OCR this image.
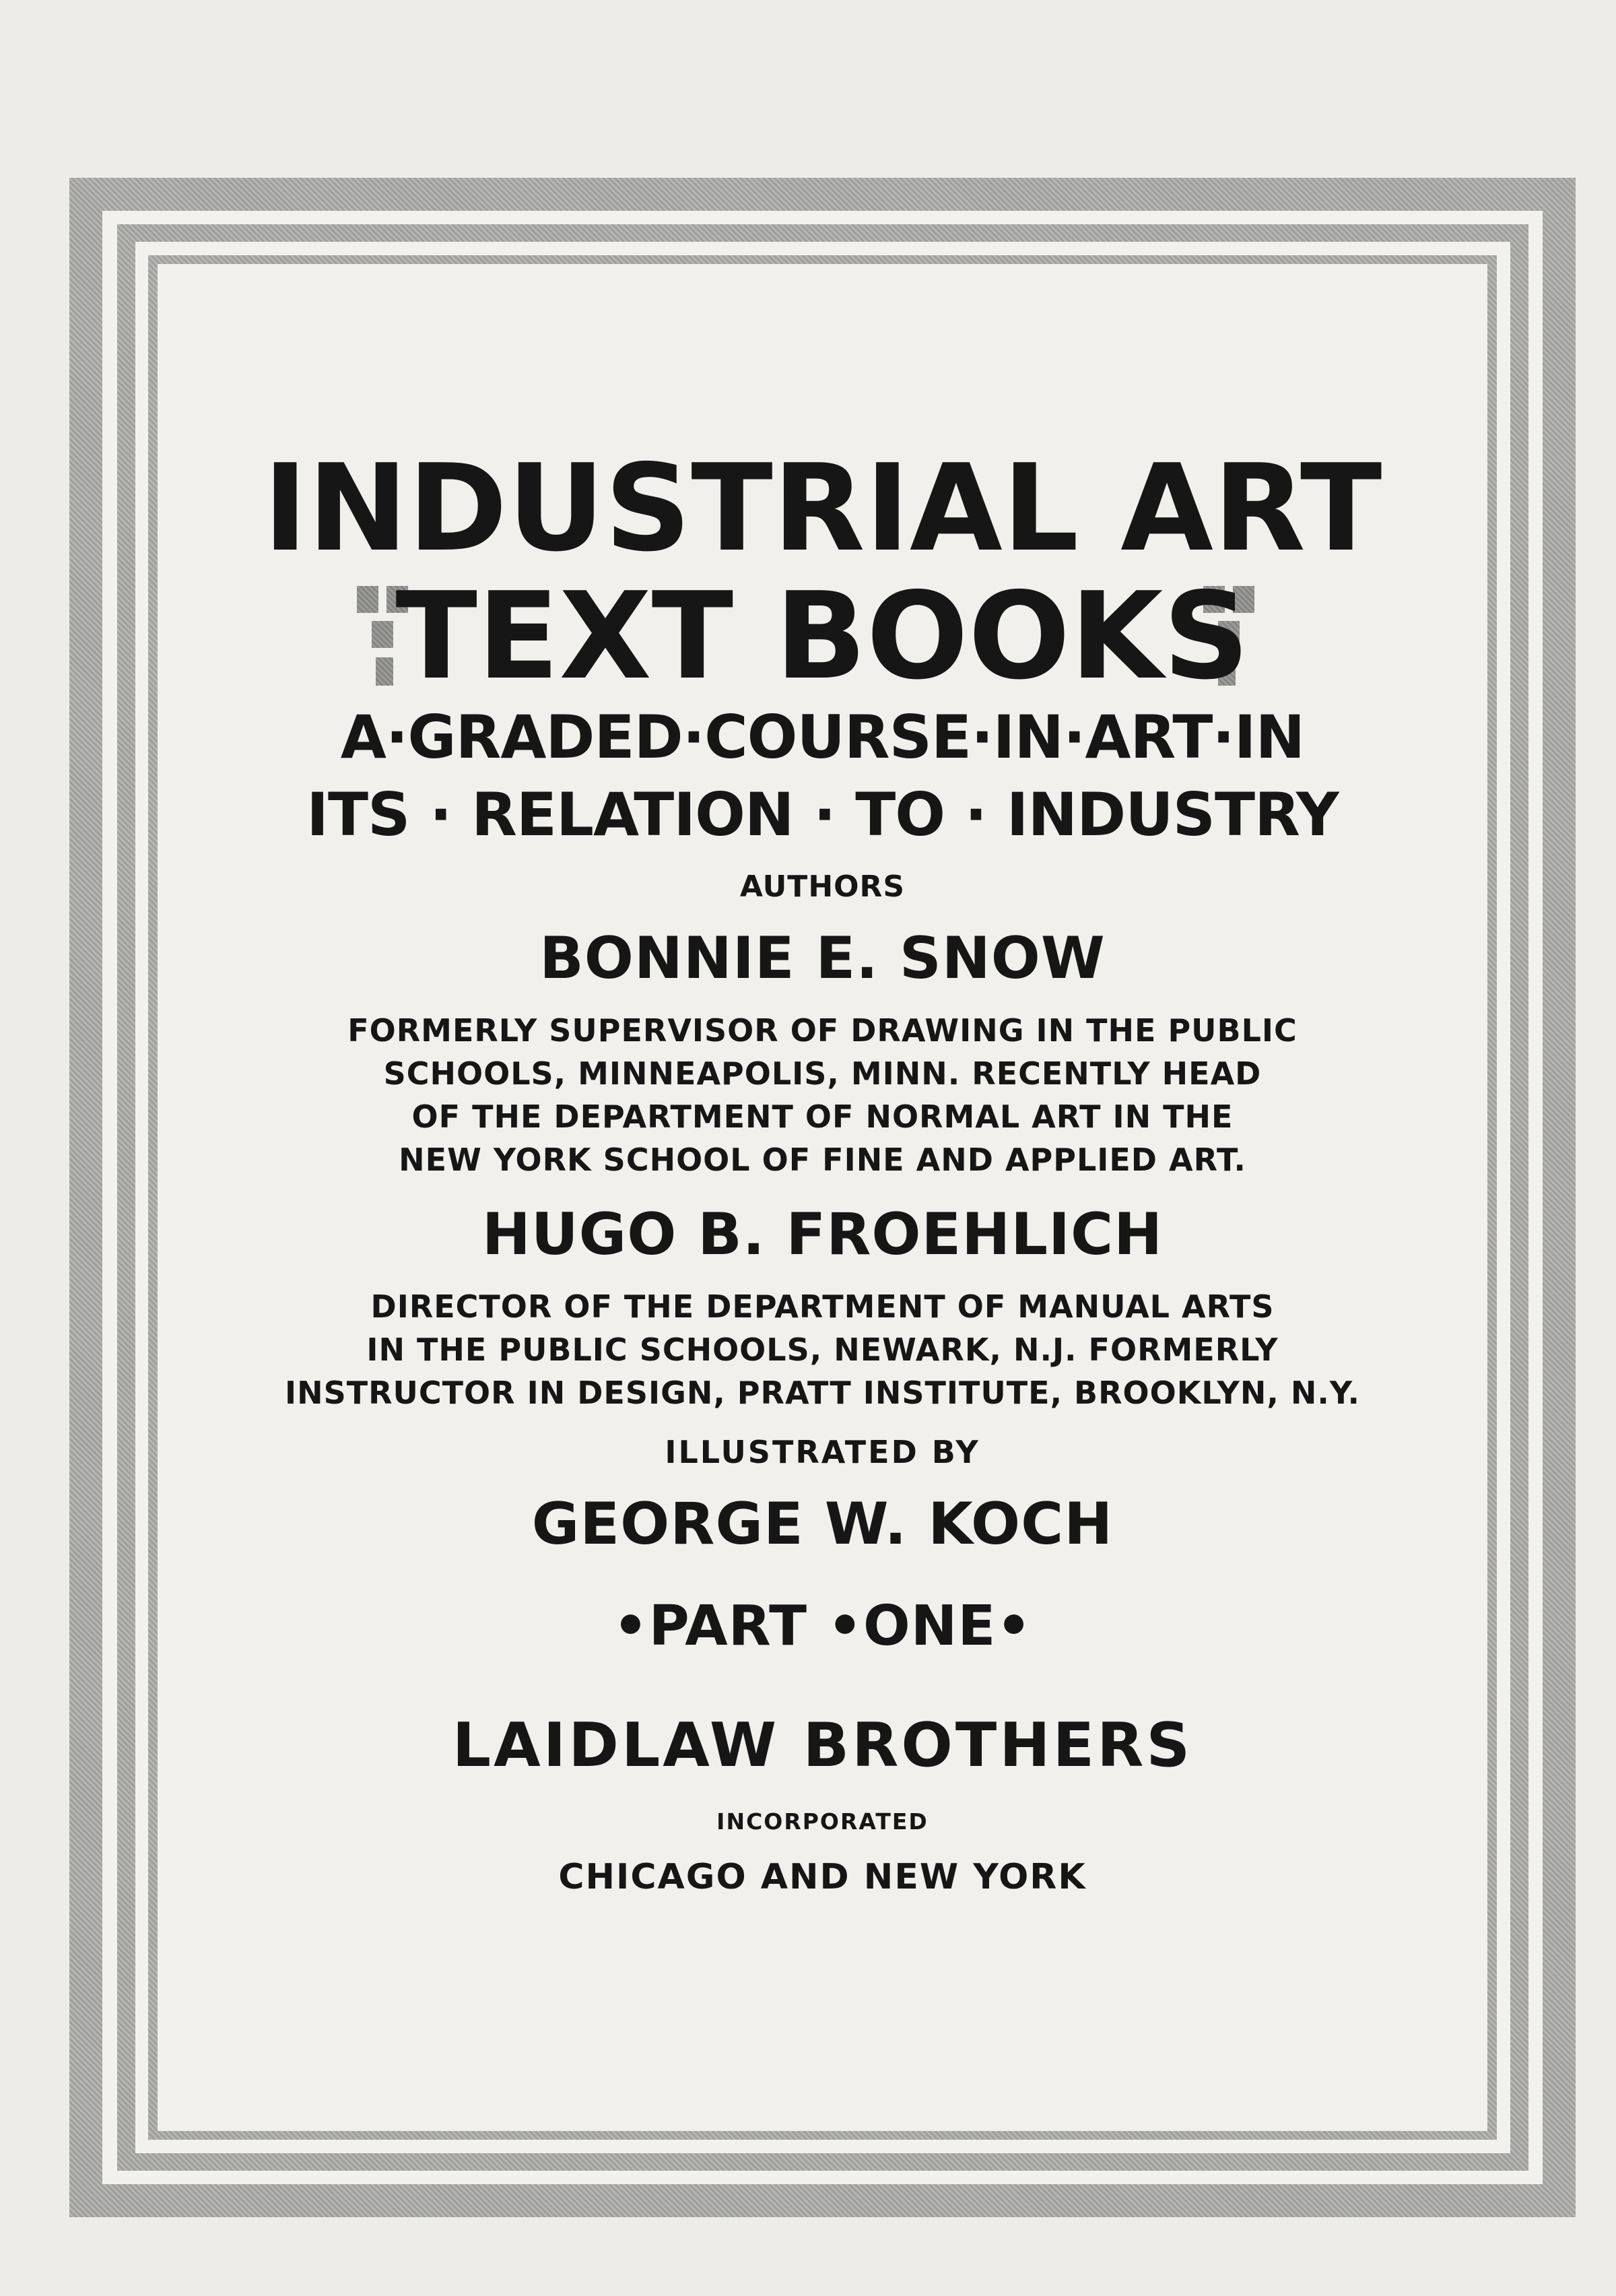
INDUSTRIAL ART
TEXT BOOKS
A·GRADED·COURSE·IN·ART·IN
ITS · RELATION · TO · INDUSTRY
AUTHORS
BONNIE E. SNOW
FORMERLY SUPERVISOR OF DRAWING IN THE PUBLIC
SCHOOLS, MINNEAPOLIS, MINN. RECENTLY HEAD
OF THE DEPARTMENT OF NORMAL ART IN THE
NEW YORK SCHOOL OF FINE AND APPLIED ART.
HUGO B. FROEHLICH
DIRECTOR OF THE DEPARTMENT OF MANUAL ARTS
IN THE PUBLIC SCHOOLS, NEWARK, N.J. FORMERLY
INSTRUCTOR IN DESIGN, PRATT INSTITUTE, BROOKLYN, N.Y.
ILLUSTRATED BY
GEORGE W. KOCH
•PART •ONE•
LAIDLAW BROTHERS
INCORPORATED
CHICAGO AND NEW YORK
